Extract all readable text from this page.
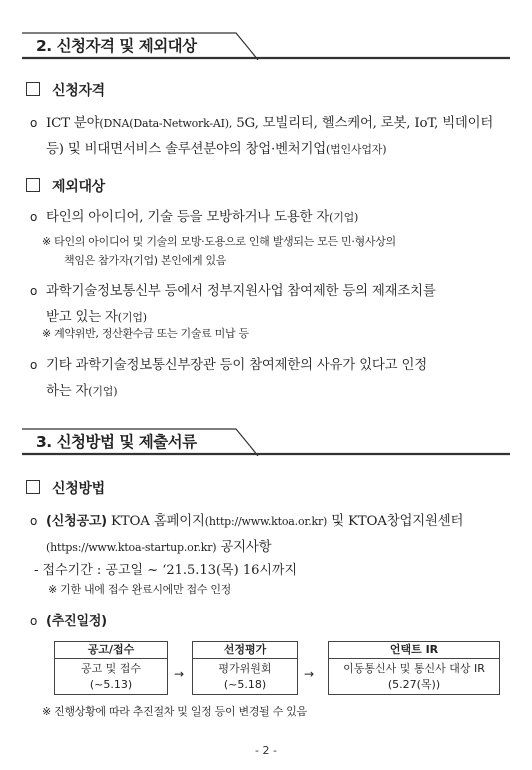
2. 신청자격 및 제외대상
신청자격
o ICT 분야(DNA(Data-Network-AI), 5G, 모빌리티, 헬스케어, 로봇, IoT, 빅데이터
등) 및 비대면서비스 솔루션분야의 창업·벤처기업(법인사업자)
제외대상
o 타인의 아이디어, 기술 등을 모방하거나 도용한 자(기업)
※ 타인의 아이디어 및 기술의 모방·도용으로 인해 발생되는 모든 민·형사상의
책임은 참가자(기업) 본인에게 있음
o 과학기술정보통신부 등에서 정부지원사업 참여제한 등의 제재조치를
받고 있는 자(기업)
※ 계약위반, 정산환수금 또는 기술료 미납 등
o 기타 과학기술정보통신부장관 등이 참여제한의 사유가 있다고 인정
하는 자(기업)
3. 신청방법 및 제출서류
신청방법
o (신청공고) KTOA 홈페이지(http://www.ktoa.or.kr) 및 KTOA창업지원센터
(https://www.ktoa-startup.or.kr) 공지사항
- 접수기간 : 공고일 ~ ‘21.5.13(목) 16시까지
※ 기한 내에 접수 완료시에만 접수 인정
o (추진일정)
공고/접수
공고 및 접수
(~5.13)
→
선정평가
평가위원회
(~5.18)
→
언택트 IR
이동통신사 및 통신사 대상 IR
(5.27(목))
※ 진행상황에 따라 추진절차 및 일정 등이 변경될 수 있음
- 2 -
